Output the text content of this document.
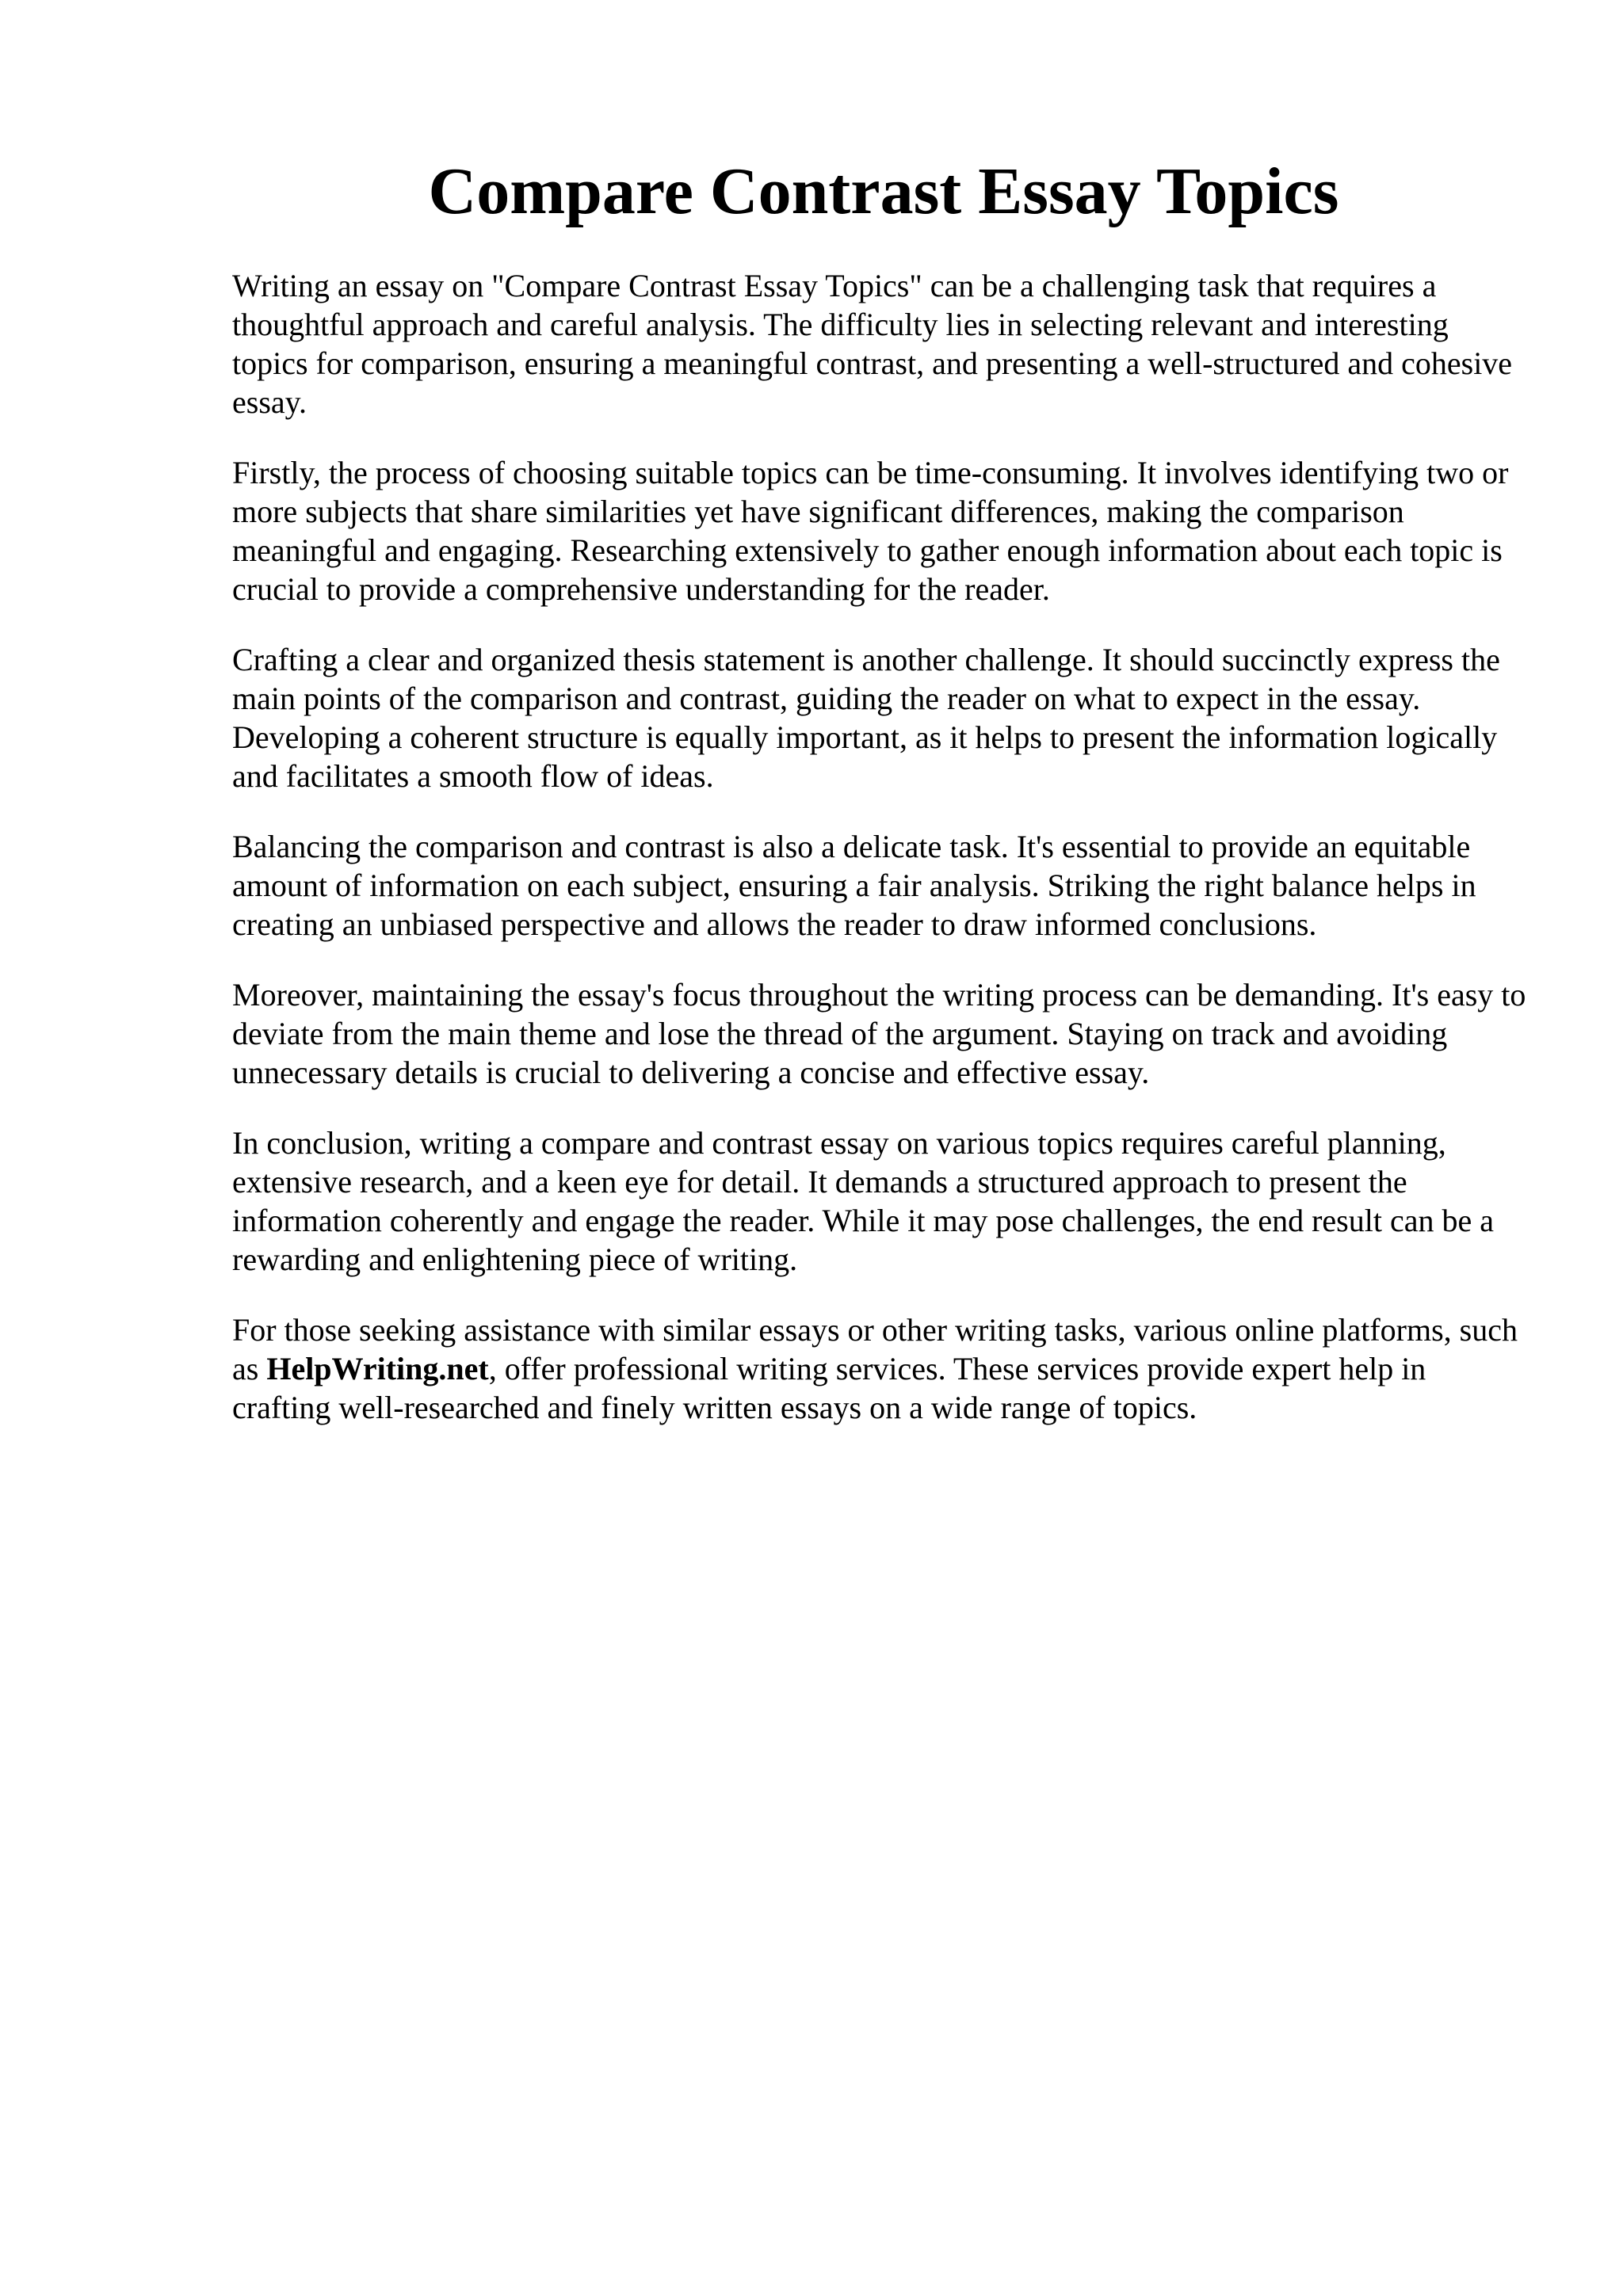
Compare Contrast Essay Topics

Writing an essay on "Compare Contrast Essay Topics" can be a challenging task that requires a thoughtful approach and careful analysis. The difficulty lies in selecting relevant and interesting topics for comparison, ensuring a meaningful contrast, and presenting a well-structured and cohesive essay.

Firstly, the process of choosing suitable topics can be time-consuming. It involves identifying two or more subjects that share similarities yet have significant differences, making the comparison meaningful and engaging. Researching extensively to gather enough information about each topic is crucial to provide a comprehensive understanding for the reader.

Crafting a clear and organized thesis statement is another challenge. It should succinctly express the main points of the comparison and contrast, guiding the reader on what to expect in the essay. Developing a coherent structure is equally important, as it helps to present the information logically and facilitates a smooth flow of ideas.

Balancing the comparison and contrast is also a delicate task. It's essential to provide an equitable amount of information on each subject, ensuring a fair analysis. Striking the right balance helps in creating an unbiased perspective and allows the reader to draw informed conclusions.

Moreover, maintaining the essay's focus throughout the writing process can be demanding. It's easy to deviate from the main theme and lose the thread of the argument. Staying on track and avoiding unnecessary details is crucial to delivering a concise and effective essay.

In conclusion, writing a compare and contrast essay on various topics requires careful planning, extensive research, and a keen eye for detail. It demands a structured approach to present the information coherently and engage the reader. While it may pose challenges, the end result can be a rewarding and enlightening piece of writing.

For those seeking assistance with similar essays or other writing tasks, various online platforms, such as HelpWriting.net, offer professional writing services. These services provide expert help in crafting well-researched and finely written essays on a wide range of topics.
